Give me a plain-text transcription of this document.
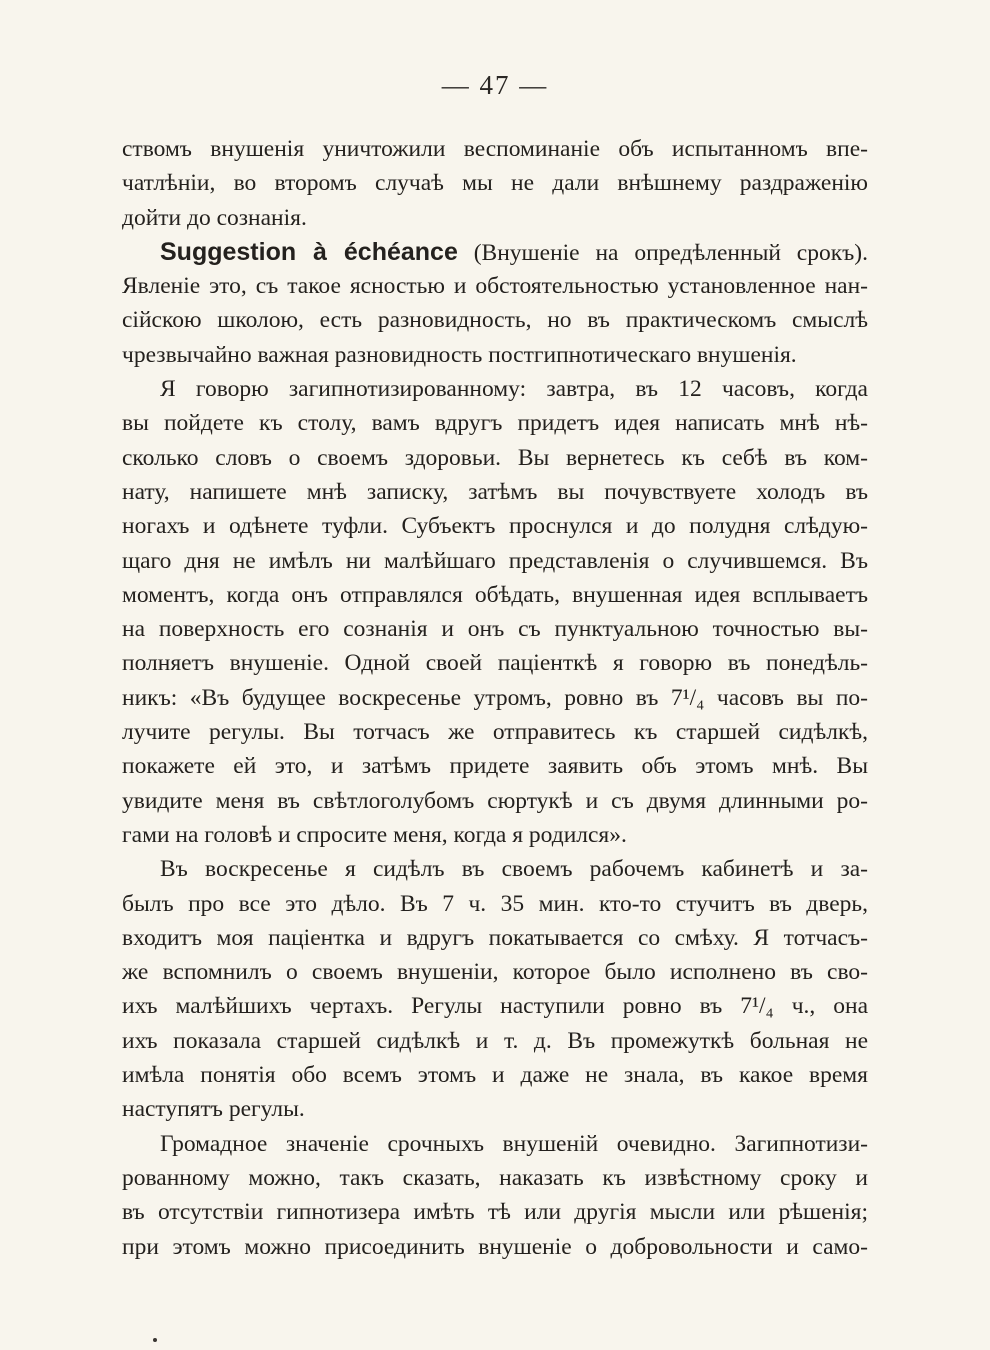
— 47 —
ствомъ внушенія уничтожили веспоминаніе объ испытанномъ впе-
чатлѣніи, во второмъ случаѣ мы не дали внѣшнему раздраженію
дойти до сознанія.
Suggestion à échéance (Внушеніе на опредѣленный срокъ).
Явленіе это, съ такое ясностью и обстоятельностью установленное нан-
сійскою школою, есть разновидность, но въ практическомъ смыслѣ
чрезвычайно важная разновидность постгипнотическаго внушенія.
Я говорю загипнотизированному: завтра, въ 12 часовъ, когда
вы пойдете къ столу, вамъ вдругъ придетъ идея написать мнѣ нѣ-
сколько словъ о своемъ здоровьи. Вы вернетесь къ себѣ въ ком-
нату, напишете мнѣ записку, затѣмъ вы почувствуете холодъ въ
ногахъ и одѣнете туфли. Субъектъ проснулся и до полудня слѣдую-
щаго дня не имѣлъ ни малѣйшаго представленія о случившемся. Въ
моментъ, когда онъ отправлялся обѣдать, внушенная идея всплываетъ
на поверхность его сознанія и онъ съ пунктуальною точностью вы-
полняетъ внушеніе. Одной своей паціенткѣ я говорю въ понедѣль-
никъ: «Въ будущее воскресенье утромъ, ровно въ 7¹/₄ часовъ вы по-
лучите регулы. Вы тотчасъ же отправитесь къ старшей сидѣлкѣ,
покажете ей это, и затѣмъ придете заявить объ этомъ мнѣ. Вы
увидите меня въ свѣтлоголубомъ сюртукѣ и съ двумя длинными ро-
гами на головѣ и спросите меня, когда я родился».
Въ воскресенье я сидѣлъ въ своемъ рабочемъ кабинетѣ и за-
былъ про все это дѣло. Въ 7 ч. 35 мин. кто-то стучитъ въ дверь,
входитъ моя паціентка и вдругъ покатывается со смѣху. Я тотчасъ-
же вспомнилъ о своемъ внушеніи, которое было исполнено въ сво-
ихъ малѣйшихъ чертахъ. Регулы наступили ровно въ 7¹/₄ ч., она
ихъ показала старшей сидѣлкѣ и т. д. Въ промежуткѣ больная не
имѣла понятія обо всемъ этомъ и даже не знала, въ какое время
наступятъ регулы.
Громадное значеніе срочныхъ внушеній очевидно. Загипнотизи-
рованному можно, такъ сказать, наказать къ извѣстному сроку и
въ отсутствіи гипнотизера имѣть тѣ или другія мысли или рѣшенія;
при этомъ можно присоединить внушеніе о добровольности и само-
